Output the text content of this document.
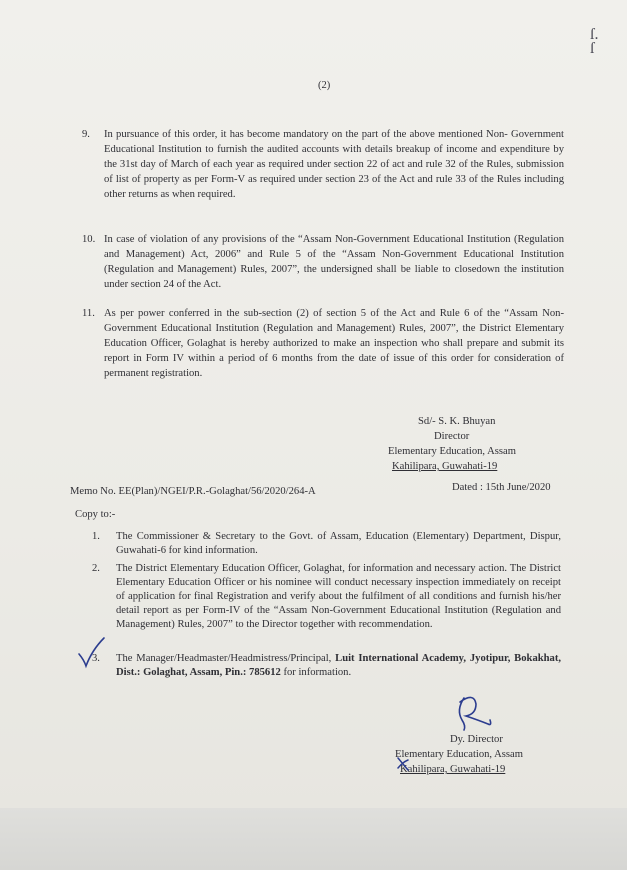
ſ.
ſ
(2)
9. In pursuance of this order, it has become mandatory on the part of the above mentioned Non- Government Educational Institution to furnish the audited accounts with details breakup of income and expenditure by the 31st day of March of each year as required under section 22 of act and rule 32 of the Rules, submission of list of property as per Form-V as required under section 23 of the Act and rule 33 of the Rules including other returns as when required.
10. In case of violation of any provisions of the “Assam Non-Government Educational Institution (Regulation and Management) Act, 2006” and Rule 5 of the “Assam Non-Government Educational Institution (Regulation and Management) Rules, 2007”, the undersigned shall be liable to closedown the institution under section 24 of the Act.
11. As per power conferred in the sub-section (2) of section 5 of the Act and Rule 6 of the “Assam Non-Government Educational Institution (Regulation and Management) Rules, 2007”, the District Elementary Education Officer, Golaghat is hereby authorized to make an inspection who shall prepare and submit its report in Form IV within a period of 6 months from the date of issue of this order for consideration of permanent registration.
Sd/- S. K. Bhuyan
Director
Elementary Education, Assam
Kahilipara, Guwahati-19
Memo No. EE(Plan)/NGEI/P.R.-Golaghat/56/2020/264-A	Dated : 15th June/2020
Copy to:-
1. The Commissioner & Secretary to the Govt. of Assam, Education (Elementary) Department, Dispur, Guwahati-6 for kind information.
2. The District Elementary Education Officer, Golaghat, for information and necessary action. The District Elementary Education Officer or his nominee will conduct necessary inspection immediately on receipt of application for final Registration and verify about the fulfilment of all conditions and furnish his/her detail report as per Form-IV of the “Assam Non-Government Educational Institution (Regulation and Management) Rules, 2007” to the Director together with recommendation.
3. The Manager/Headmaster/Headmistress/Principal, Luit International Academy, Jyotipur, Bokakhat, Dist.: Golaghat, Assam, Pin.: 785612 for information.
Dy. Director
Elementary Education, Assam
Kahilipara, Guwahati-19
